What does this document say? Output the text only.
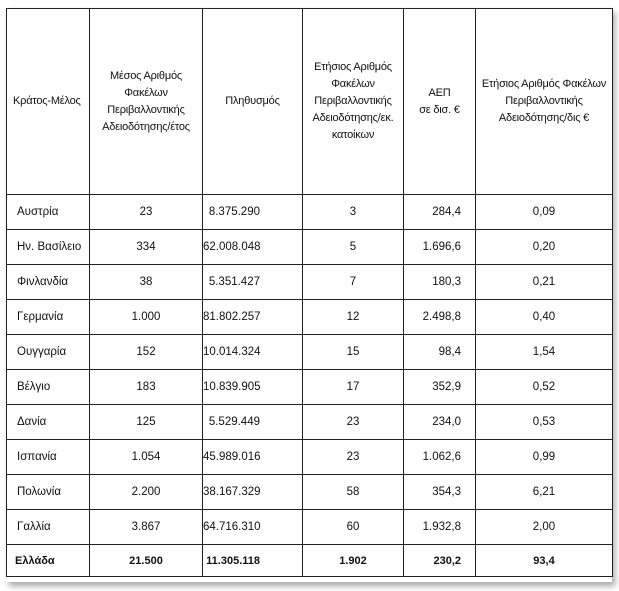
Κράτος-Μέλος	Μέσος Αριθμός
Φακέλων
Περιβαλλοντικής
Αδειοδότησης/έτος	Πληθυσμός	Ετήσιος Αριθμός
Φακέλων
Περιβαλλοντικής
Αδειοδότησης/εκ.
κατοίκων	ΑΕΠ
σε δισ. €	Ετήσιος Αριθμός Φακέλων
Περιβαλλοντικής
Αδειοδότησης/δις €

Αυστρία	23	8.375.290	3	284,4	0,09
Ην. Βασίλειο	334	62.008.048	5	1.696,6	0,20
Φινλανδία	38	5.351.427	7	180,3	0,21
Γερμανία	1.000	81.802.257	12	2.498,8	0,40
Ουγγαρία	152	10.014.324	15	98,4	1,54
Βέλγιο	183	10.839.905	17	352,9	0,52
Δανία	125	5.529.449	23	234,0	0,53
Ισπανία	1.054	45.989.016	23	1.062,6	0,99
Πολωνία	2.200	38.167.329	58	354,3	6,21
Γαλλία	3.867	64.716.310	60	1.932,8	2,00
Ελλάδα	21.500	11.305.118	1.902	230,2	93,4
